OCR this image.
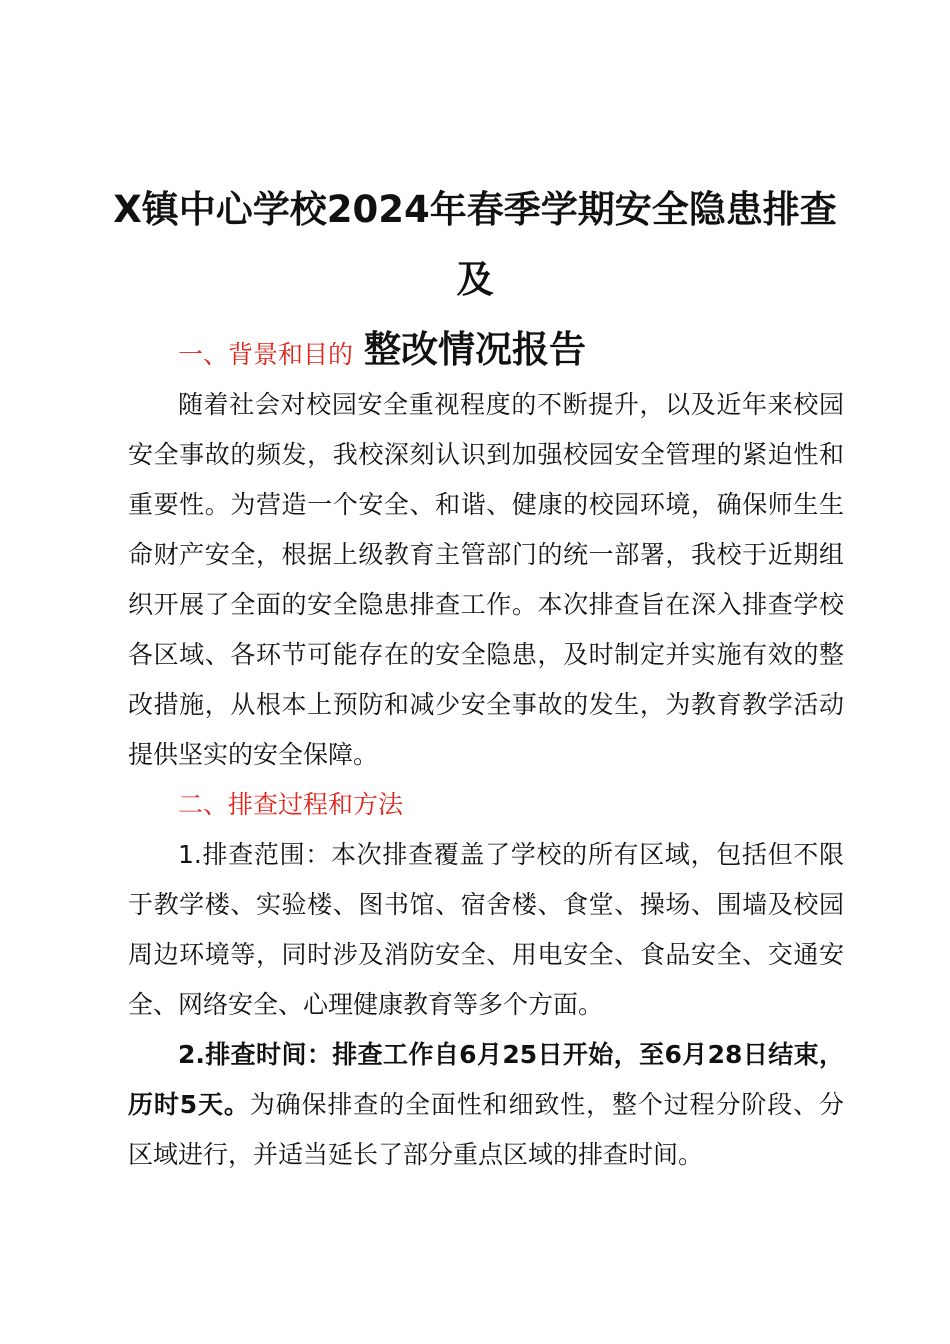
X镇中心学校2024年春季学期安全隐患排查及
整改情况报告
一、背景和目的

随着社会对校园安全重视程度的不断提升，以及近年来校园安全事故的频发，我校深刻认识到加强校园安全管理的紧迫性和重要性。为营造一个安全、和谐、健康的校园环境，确保师生生命财产安全，根据上级教育主管部门的统一部署，我校于近期组织开展了全面的安全隐患排查工作。本次排查旨在深入排查学校各区域、各环节可能存在的安全隐患，及时制定并实施有效的整改措施，从根本上预防和减少安全事故的发生，为教育教学活动提供坚实的安全保障。

二、排查过程和方法

1.排查范围：本次排查覆盖了学校的所有区域，包括但不限于教学楼、实验楼、图书馆、宿舍楼、食堂、操场、围墙及校园周边环境等，同时涉及消防安全、用电安全、食品安全、交通安全、网络安全、心理健康教育等多个方面。

2.排查时间：排查工作自6月25日开始，至6月28日结束，历时5天。为确保排查的全面性和细致性，整个过程分阶段、分区域进行，并适当延长了部分重点区域的排查时间。
